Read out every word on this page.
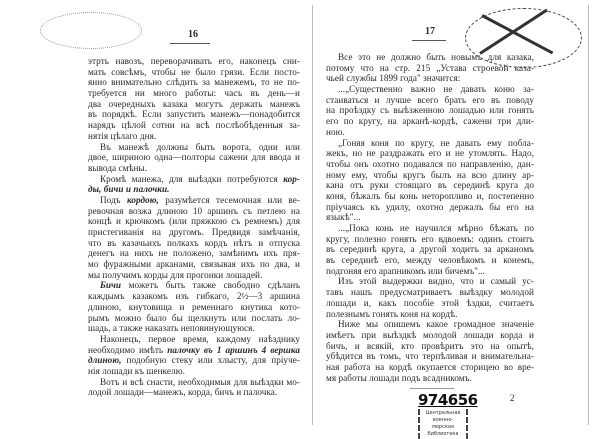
16
этрть навозъ, переворачивать его, наконецъ сни-
мать совсѣмъ, чтобы не было грязи. Если посто-
янно внимательно слѣдить за манежемъ, то не по-
требуется ни много работы: часъ въ день—и
два очередныхъ казака могутъ держать манежъ
въ порядкѣ. Если запустить манежъ—понадобится
нарядъ цѣлой сотни на всѣ послѣобѣденныя за-
нятія цѣлаго дня.
Въ манежѣ должны быть ворота, одни или
двое, шириною одна—полторы сажени для ввода и
вывода смѣны.
Кромѣ манежа, для выѣздки потребуются кор-
ды, бичи и палочки.
Подъ кордою, разумѣется тесемочная или ве-
ревочная возжа длиною 10 аршинъ съ петлею на
концѣ и крючкомъ (или пряжкою съ ремнемъ) для
пристегиванія на другомъ. Предвидя замѣчанія,
что въ казачьихъ полкахъ кордъ нѣтъ и отпуска
денегъ на нихъ не положено, замѣнимъ ихъ пря-
мо фуражными арканами, связывая ихъ по два, и
мы получимъ корды для прогонки лошадей.
Бичи можетъ быть также свободно сдѣланъ
каждымъ казакомъ изъ гибкаго, 2½—3 аршина
длиною, кнутовища и ременнаго кнутика кото-
рымъ можно было бы щелкнуть или послать ло-
шадь, а также наказать неповинующуюся.
Наконецъ, первое время, каждому наѣзднику
необходимо имѣть палочку въ 1 аршинъ 4 вершка
длиною, подобную стеку или хлысту, для пріуче-
нія лошади къ шенкелю.
Вотъ и всѣ снасти, необходимыя для выѣздки мо-
лодой лошади—манежъ, корда, бичъ и палочка.
17
Все это не должно быть новымъ для казака,
потому что на стр. 215 „Устава строевой каза-
чьей службы 1899 года" значится:
...„Существенно важно не давать коню за-
стаиваться и лучше всего брать его въ поводу
на проѣздку съ выѣзженною лошадью или гонять
его по кругу, на арканѣ-кордѣ, сажени три дли-
ною.
„Гоняя коня по кругу, не давать ему побла-
жекъ, но не раздражать его и не утомлять. Надо,
чтобы онъ охотно подавался по направленію, дан-
ному ему, чтобы кругъ былъ на всю длину ар-
кана отъ руки стоящаго въ серединѣ круга до
коня, бѣжалъ бы конь неторопливо и, постепенно
пріучаясь къ удилу, охотно держалъ бы его на
языкѣ"...
...„Пока конь не научился мѣрно бѣжать по
кругу, полезно гонять его вдвоемъ: одинъ стоитъ
въ серединѣ круга, а другой ходитъ за арканомъ
въ серединѣ его, между человѣкомъ и конемъ,
подгоняя его арапникомъ или бичемъ"...
Изъ этой выдержки видно, что и самый ус-
тавъ нашъ предусматриваетъ выѣздку молодой
лошади и, какъ пособіе этой ѣздки, считаетъ
полезнымъ гонять коня на кордѣ.
Ниже мы опишемъ какое громадное значеніе
имѣетъ при выѣздкѣ молодой лошади корда и
бичъ, и всякій, кто провѣритъ это на опытѣ,
убѣдится въ томъ, что терпѣливая и внимательна-
ная работа на кордѣ окупается сторицею во вре-
мя работы лошади подъ всадникомъ.
974656
Центральная
военно-морская
библиотека
2
